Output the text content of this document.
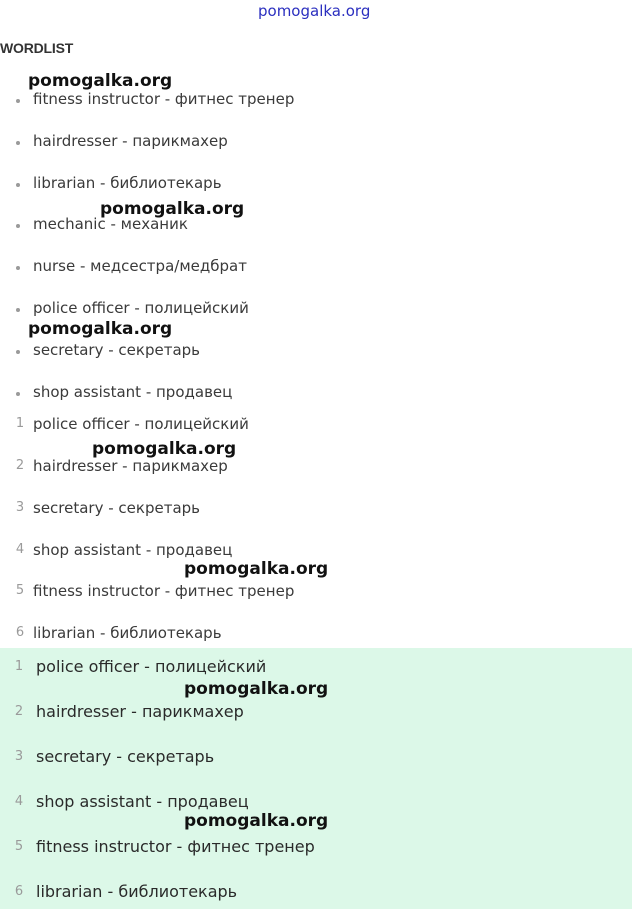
pomogalka.org
WORDLIST
fitness instructor - фитнес тренер
hairdresser - парикмахер
librarian - библиотекарь
mechanic - механик
nurse - медсестра/медбрат
police officer - полицейский
secretary - секретарь
shop assistant - продавец
1 police officer - полицейский
2 hairdresser - парикмахер
3 secretary - секретарь
4 shop assistant - продавец
5 fitness instructor - фитнес тренер
6 librarian - библиотекарь
1 police officer - полицейский
2 hairdresser - парикмахер
3 secretary - секретарь
4 shop assistant - продавец
5 fitness instructor - фитнес тренер
6 librarian - библиотекарь
pomogalka.org
pomogalka.org
pomogalka.org
pomogalka.org
pomogalka.org
pomogalka.org
pomogalka.org
